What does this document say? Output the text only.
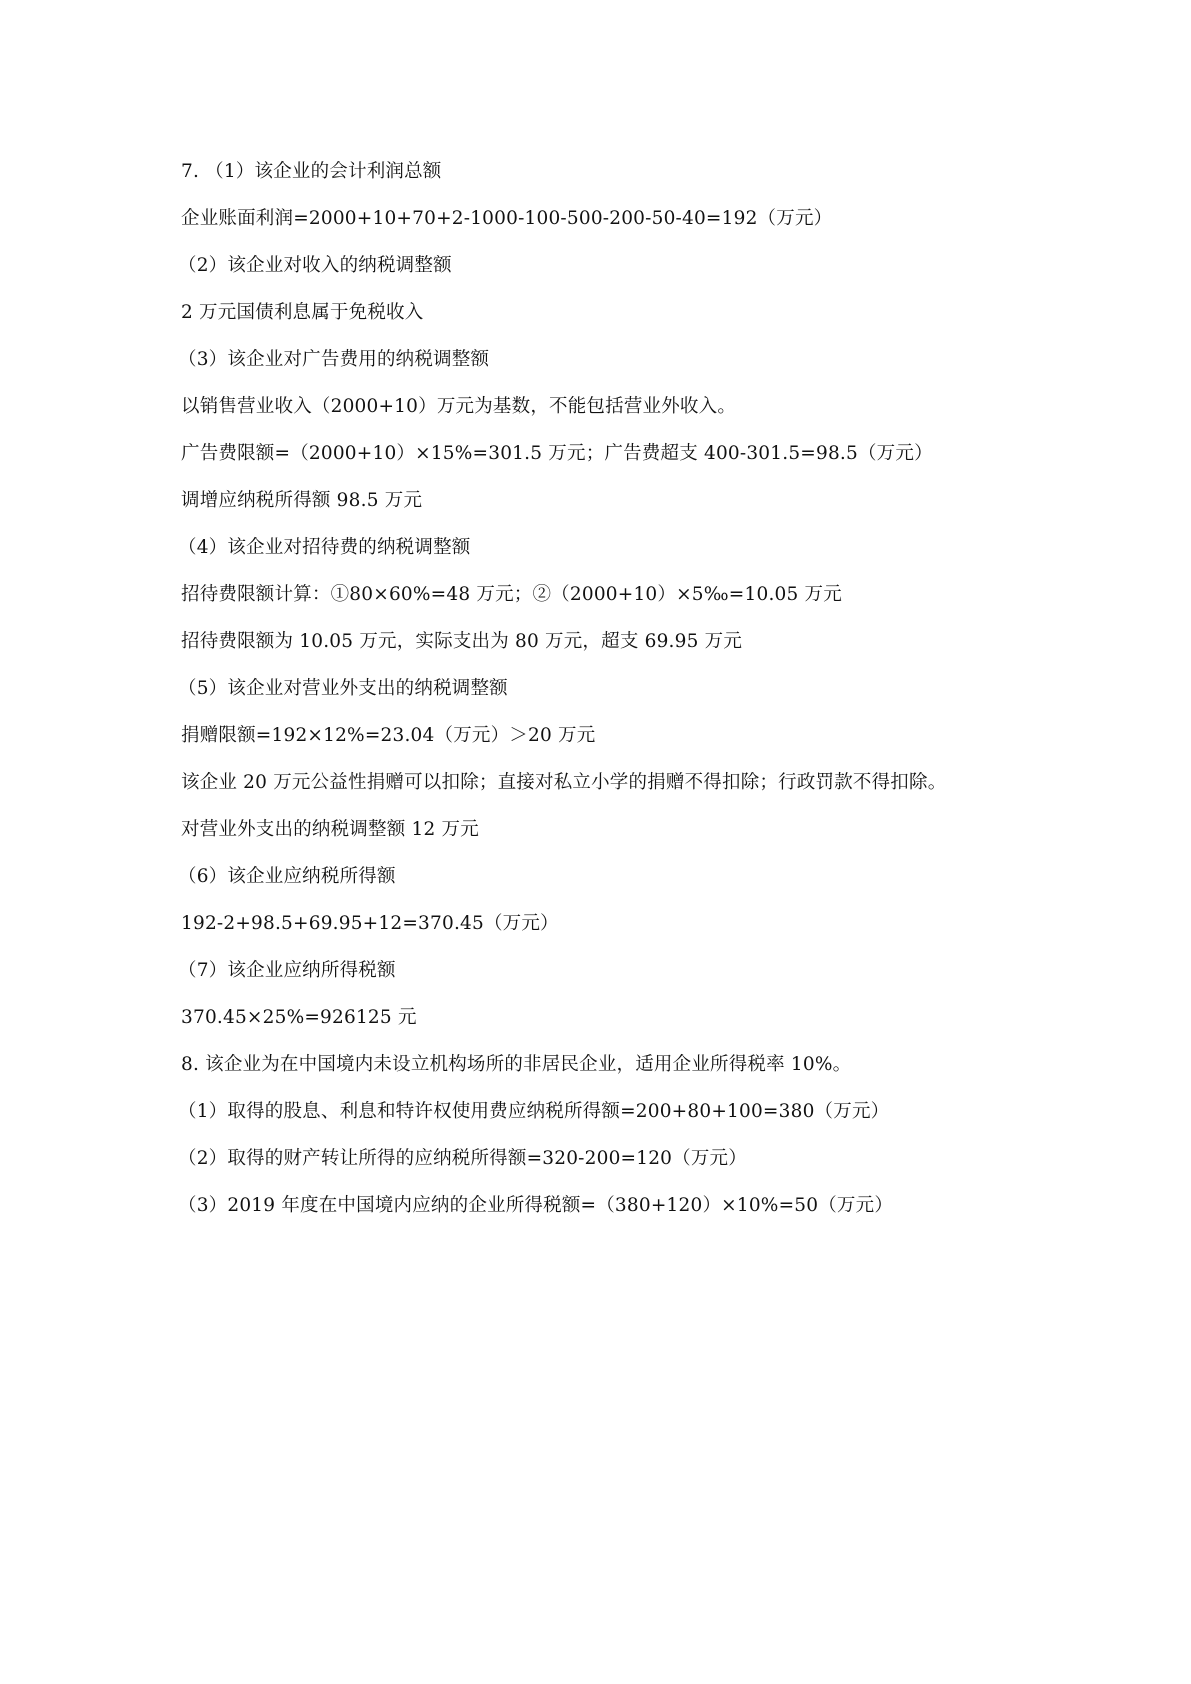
7. （1）该企业的会计利润总额
企业账面利润=2000+10+70+2-1000-100-500-200-50-40=192（万元）
（2）该企业对收入的纳税调整额
2 万元国债利息属于免税收入
（3）该企业对广告费用的纳税调整额
以销售营业收入（2000+10）万元为基数，不能包括营业外收入。
广告费限额=（2000+10）×15%=301.5 万元；广告费超支 400-301.5=98.5（万元）
调增应纳税所得额 98.5 万元
（4）该企业对招待费的纳税调整额
招待费限额计算：①80×60%=48 万元；②（2000+10）×5‰=10.05 万元
招待费限额为 10.05 万元，实际支出为 80 万元，超支 69.95 万元
（5）该企业对营业外支出的纳税调整额
捐赠限额=192×12%=23.04（万元）＞20 万元
该企业 20 万元公益性捐赠可以扣除；直接对私立小学的捐赠不得扣除；行政罚款不得扣除。
对营业外支出的纳税调整额 12 万元
（6）该企业应纳税所得额
192-2+98.5+69.95+12=370.45（万元）
（7）该企业应纳所得税额
370.45×25%=926125 元
8. 该企业为在中国境内未设立机构场所的非居民企业，适用企业所得税率 10%。
（1）取得的股息、利息和特许权使用费应纳税所得额=200+80+100=380（万元）
（2）取得的财产转让所得的应纳税所得额=320-200=120（万元）
（3）2019 年度在中国境内应纳的企业所得税额=（380+120）×10%=50（万元）
